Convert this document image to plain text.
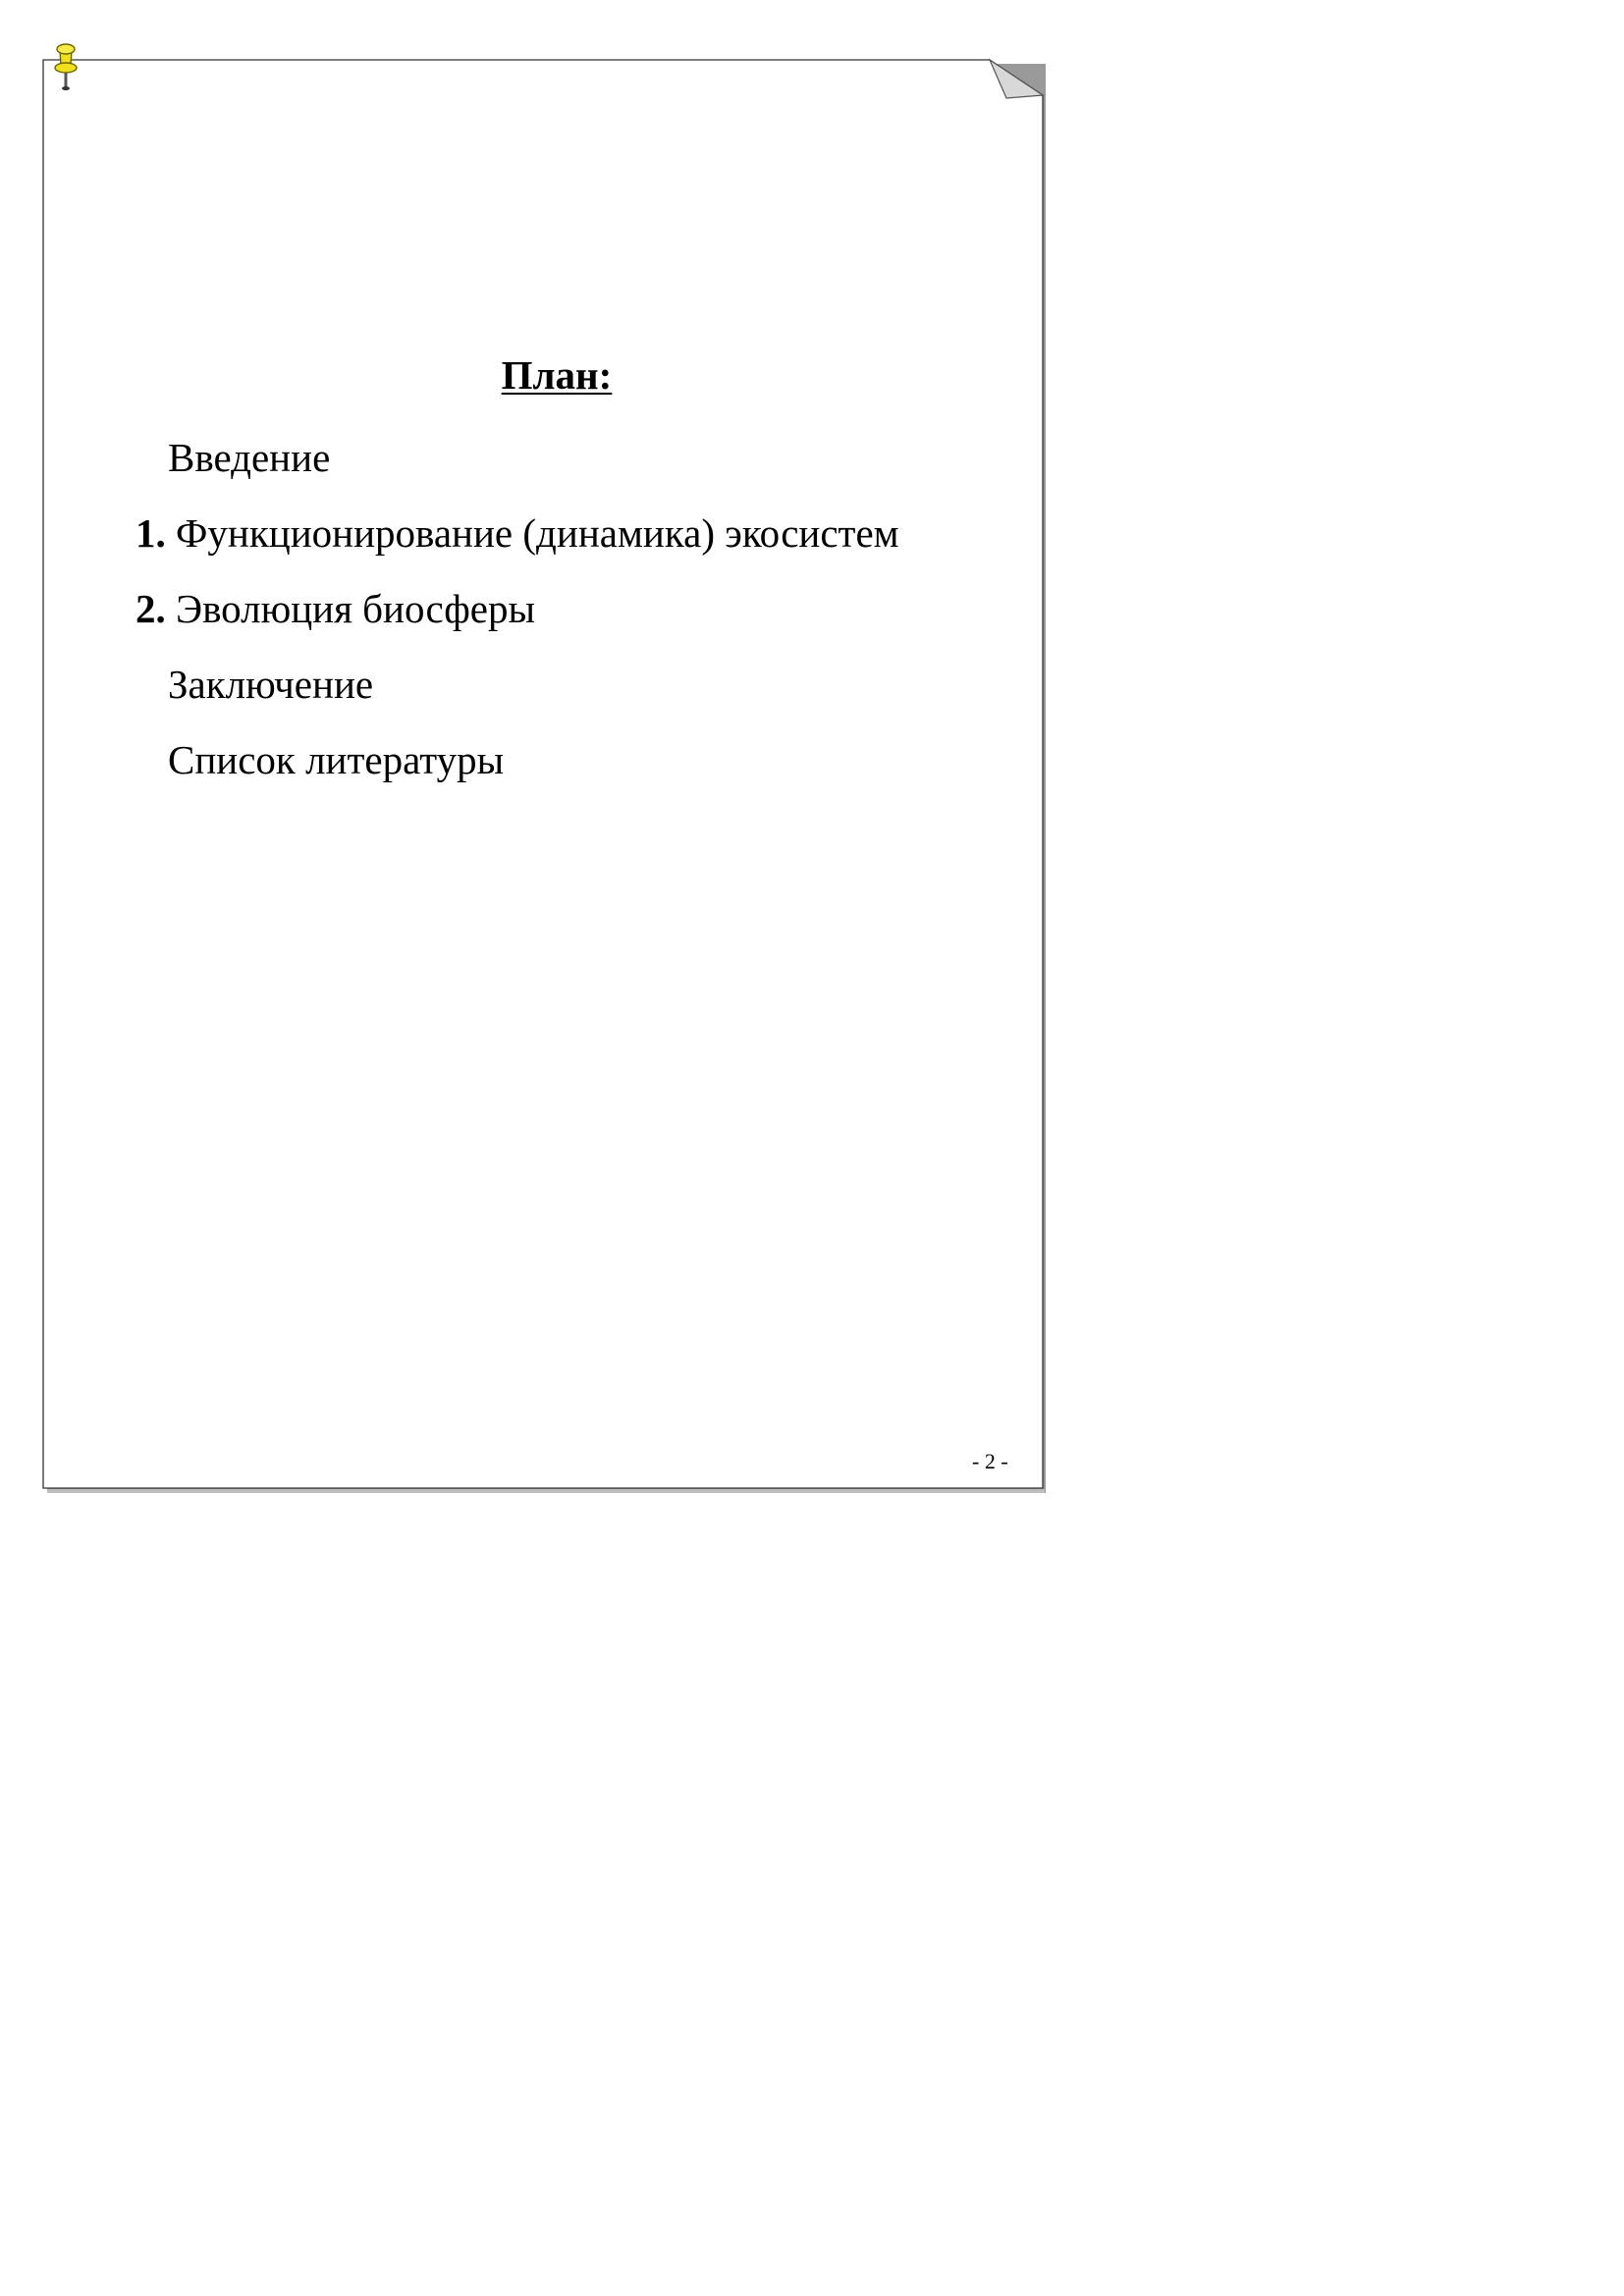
План:
Введение
1. Функционирование (динамика) экосистем
2. Эволюция биосферы
Заключение
Список литературы
- 2 -
